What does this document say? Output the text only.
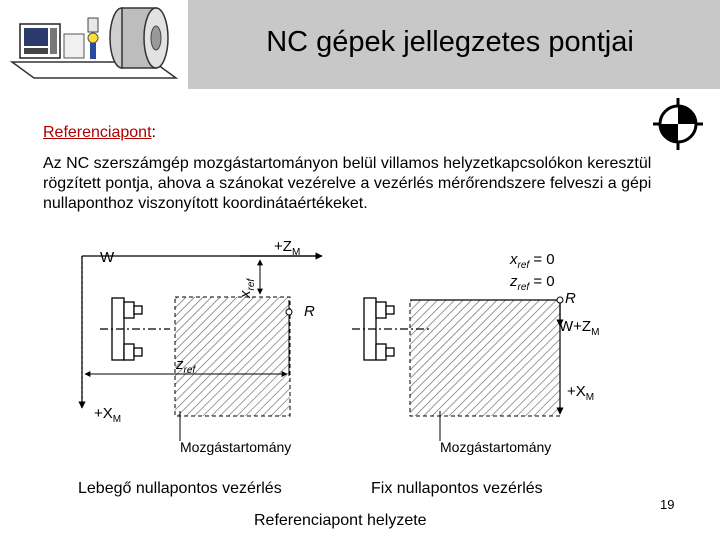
NC gépek jellegzetes pontjai
Referenciapont:
Az NC szerszámgép mozgástartományon belül villamos helyzetkapcsolókon keresztül rögzített pontja, ahova a szánokat vezérelve a vezérlés mérőrendszere felveszi a gépi nullaponthoz viszonyított koordinátaértékeket.
W
$+Z_M$
$x_{ref}$
R
$z_{ref}$
$+X_M$
Mozgástartomány
$x_{ref} = 0$
$z_{ref} = 0$
R
$W+Z_M$
$+X_M$
Mozgástartomány
Lebegő nullapontos vezérlés	Fix nullapontos vezérlés
Referenciapont helyzete
19
